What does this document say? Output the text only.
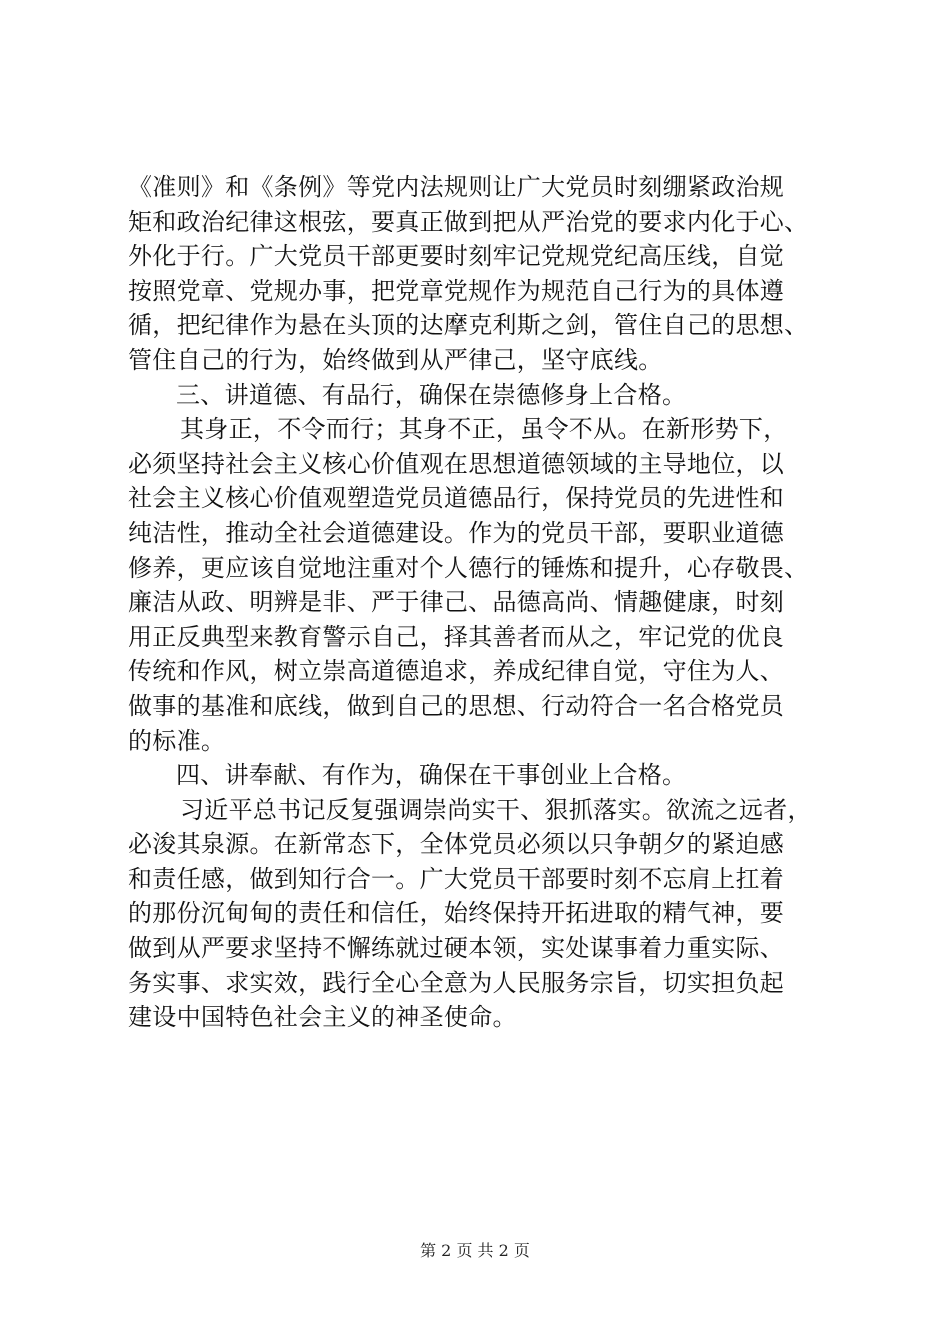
《准则》和《条例》等党内法规则让广大党员时刻绷紧政治规
矩和政治纪律这根弦，要真正做到把从严治党的要求内化于心、
外化于行。广大党员干部更要时刻牢记党规党纪高压线，自觉
按照党章、党规办事，把党章党规作为规范自己行为的具体遵
循，把纪律作为悬在头顶的达摩克利斯之剑，管住自己的思想、
管住自己的行为，始终做到从严律己，坚守底线。
三、讲道德、有品行，确保在崇德修身上合格。
其身正，不令而行；其身不正，虽令不从。在新形势下，
必须坚持社会主义核心价值观在思想道德领域的主导地位，以
社会主义核心价值观塑造党员道德品行，保持党员的先进性和
纯洁性，推动全社会道德建设。作为的党员干部，要职业道德
修养，更应该自觉地注重对个人德行的锤炼和提升，心存敬畏、
廉洁从政、明辨是非、严于律己、品德高尚、情趣健康，时刻
用正反典型来教育警示自己，择其善者而从之，牢记党的优良
传统和作风，树立崇高道德追求，养成纪律自觉，守住为人、
做事的基准和底线，做到自己的思想、行动符合一名合格党员
的标准。
四、讲奉献、有作为，确保在干事创业上合格。
习近平总书记反复强调崇尚实干、狠抓落实。欲流之远者，
必浚其泉源。在新常态下，全体党员必须以只争朝夕的紧迫感
和责任感，做到知行合一。广大党员干部要时刻不忘肩上扛着
的那份沉甸甸的责任和信任，始终保持开拓进取的精气神，要
做到从严要求坚持不懈练就过硬本领，实处谋事着力重实际、
务实事、求实效，践行全心全意为人民服务宗旨，切实担负起
建设中国特色社会主义的神圣使命。
第 2 页 共 2 页
